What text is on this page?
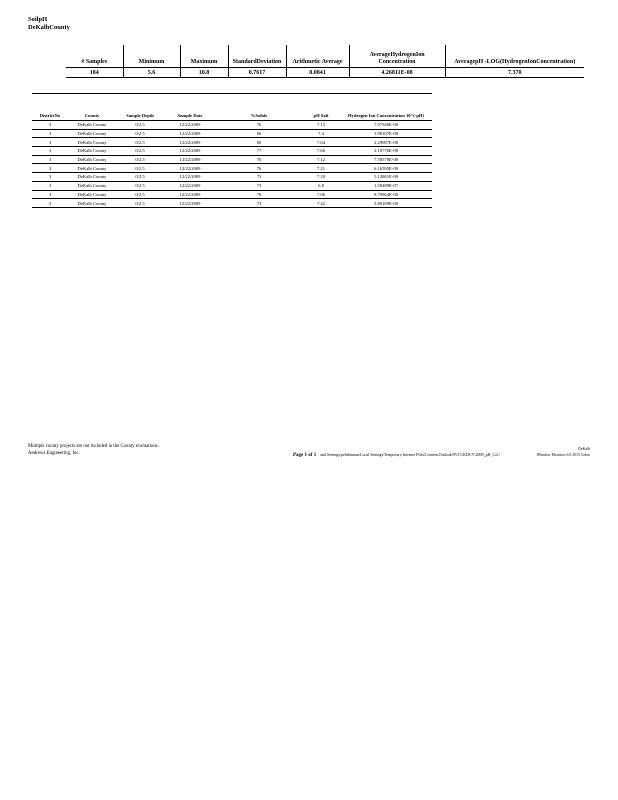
SoilpH
DeKalbCounty
# Samples	Minimum	Maximum	StandardDeviation	Arithmetic Average	AverageHydrogenIon Concentration	AveragepH -LOG(HydrogenIonConcentration)
184	5.6	10.8	0.7617	8.0841	4.26811E-08	7.370
DistrictNo	County	Sample Depth	Sample Date	%Solids	pH Salt	Hydrogen Ion Concentration 10^(-pH)
3	DeKalb County	0/2.5	12/22/2009	76	7.15	7.07946E-08
3	DeKalb County	0/2.5	12/22/2009	68	7.4	3.98107E-08
3	DeKalb County	0/2.5	12/22/2009	80	7.64	2.29087E-08
3	DeKalb County	0/2.5	12/22/2009	77	7.66	2.18776E-08
3	DeKalb County	0/2.5	12/22/2009	70	7.12	7.58578E-08
3	DeKalb County	0/2.5	12/22/2009	76	7.21	6.16595E-08
3	DeKalb County	0/2.5	12/22/2009	73	7.29	5.12861E-08
3	DeKalb County	0/2.5	12/22/2009	73	6.8	1.58489E-07
3	DeKalb County	0/2.5	12/22/2009	78	7.06	8.70964E-08
3	DeKalb County	0/2.5	12/22/2009	73	7.42	3.80189E-08
Multiple county projects are not included in the County evaluations.
Andrews Engineering, Inc.	Page 1 of 1 and Settings\pehrhuman\Local Settings\Temporary Internet Files\Content.Outlook\9VCCKDCV\2009_pH_CoC
DeKalb
IWindow Monitors 6.0 2015 Cobra
